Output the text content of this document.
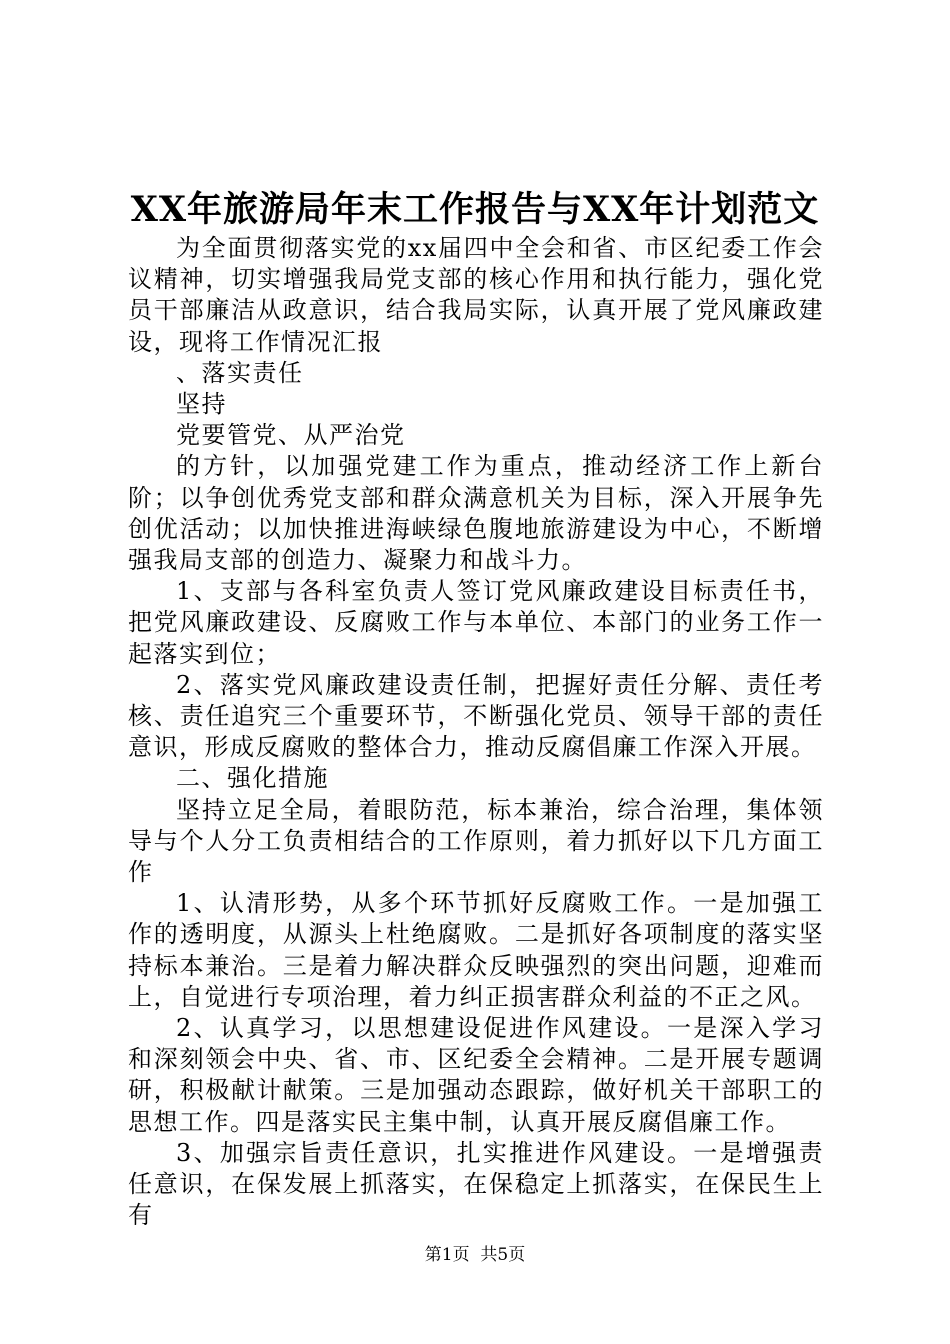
XX年旅游局年末工作报告与XX年计划范文

为全面贯彻落实党的xx届四中全会和省、市区纪委工作会议精神，切实增强我局党支部的核心作用和执行能力，强化党员干部廉洁从政意识，结合我局实际，认真开展了党风廉政建设，现将工作情况汇报

、落实责任

坚持

党要管党、从严治党

的方针，以加强党建工作为重点，推动经济工作上新台阶；以争创优秀党支部和群众满意机关为目标，深入开展争先创优活动；以加快推进海峡绿色腹地旅游建设为中心，不断增强我局支部的创造力、凝聚力和战斗力。

1、支部与各科室负责人签订党风廉政建设目标责任书，把党风廉政建设、反腐败工作与本单位、本部门的业务工作一起落实到位；

2、落实党风廉政建设责任制，把握好责任分解、责任考核、责任追究三个重要环节，不断强化党员、领导干部的责任意识，形成反腐败的整体合力，推动反腐倡廉工作深入开展。

二、强化措施

坚持立足全局，着眼防范，标本兼治，综合治理，集体领导与个人分工负责相结合的工作原则，着力抓好以下几方面工作

1、认清形势，从多个环节抓好反腐败工作。一是加强工作的透明度，从源头上杜绝腐败。二是抓好各项制度的落实坚持标本兼治。三是着力解决群众反映强烈的突出问题，迎难而上，自觉进行专项治理，着力纠正损害群众利益的不正之风。

2、认真学习，以思想建设促进作风建设。一是深入学习和深刻领会中央、省、市、区纪委全会精神。二是开展专题调研，积极献计献策。三是加强动态跟踪，做好机关干部职工的思想工作。四是落实民主集中制，认真开展反腐倡廉工作。

3、加强宗旨责任意识，扎实推进作风建设。一是增强责任意识，在保发展上抓落实，在保稳定上抓落实，在保民生上有

第1页  共5页
